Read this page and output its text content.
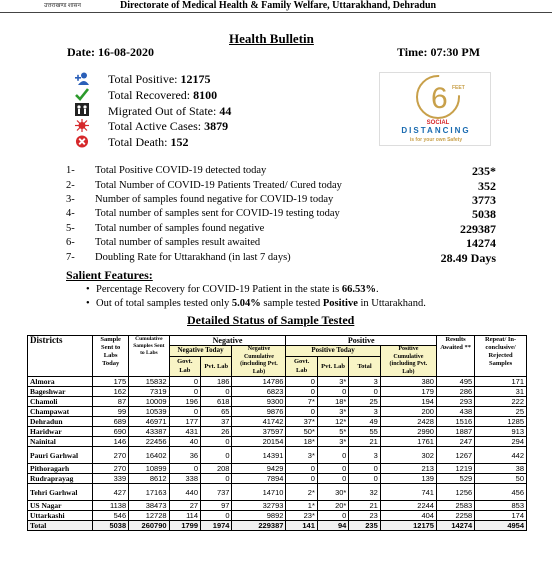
उत्तराखण्ड शासन	Directorate of Medical Health & Family Welfare, Uttarakhand, Dehradun
Health Bulletin
Date: 16-08-2020	Time: 07:30 PM
Total Positive: 12175
Total Recovered: 8100
Migrated Out of State: 44
Total Active Cases: 3879
Total Death: 152
6 FEET
SOCIAL
DISTANCING
is for your own Safety
1- Total Positive COVID-19 detected today	235*
2- Total Number of COVID-19 Patients Treated/ Cured today	352
3- Number of samples found negative for COVID-19 today	3773
4- Total number of samples sent for COVID-19 testing today	5038
5- Total number of samples found negative	229387
6- Total number of samples result awaited	14274
7- Doubling Rate for Uttarakhand (in last 7 days)	28.49 Days
Salient Features:
• Percentage Recovery for COVID-19 Patient in the state is 66.53%.
• Out of total samples tested only 5.04% sample tested Positive in Uttarakhand.
Detailed Status of Sample Tested
Districts	Sample Sent to Labs Today	Cumulative Samples Sent to Labs	Negative			Positive				Results Awaited **	Repeat/ In-conclusive/ Rejected Samples
			Negative Today		Negative Cumulative (including Pvt. Lab)	Positive Today			Positive Cumulative (including Pvt. Lab)		
			Govt. Lab	Pvt. Lab		Govt. Lab	Pvt. Lab	Total			
Almora	175	15832	0	186	14786	0	3*	3	380	495	171
Bageshwar	162	7319	0	0	6823	0	0	0	179	286	31
Chamoli	87	10009	196	618	9300	7*	18*	25	194	293	222
Champawat	99	10539	0	65	9876	0	3*	3	200	438	25
Dehradun	689	46971	177	37	41742	37*	12*	49	2428	1516	1285
Haridwar	690	43387	431	26	37597	50*	5*	55	2990	1887	913
Nainital	146	22456	40	0	20154	18*	3*	21	1761	247	294
Pauri Garhwal	270	16402	36	0	14391	3*	0	3	302	1267	442
Pithoragarh	270	10899	0	208	9429	0	0	0	213	1219	38
Rudraprayag	339	8612	338	0	7894	0	0	0	139	529	50
Tehri Garhwal	427	17163	440	737	14710	2*	30*	32	741	1256	456
US Nagar	1138	38473	27	97	32793	1*	20*	21	2244	2583	853
Uttarkashi	546	12728	114	0	9892	23*	0	23	404	2258	174
Total	5038	260790	1799	1974	229387	141	94	235	12175	14274	4954
